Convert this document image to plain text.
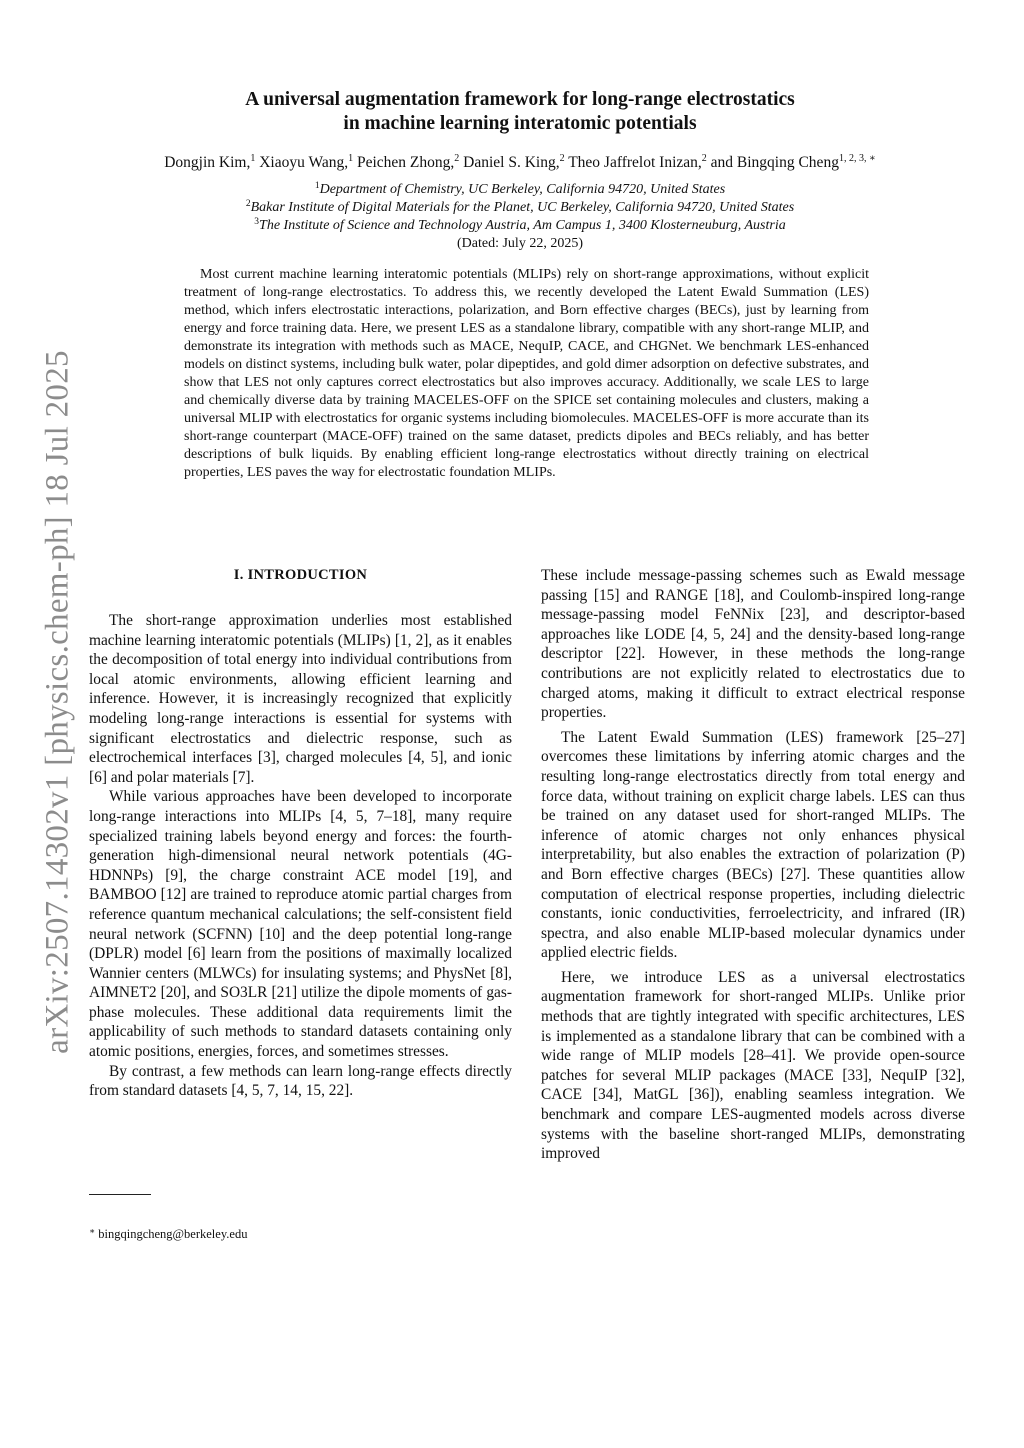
arXiv:2507.14302v1 [physics.chem-ph] 18 Jul 2025
A universal augmentation framework for long-range electrostatics
in machine learning interatomic potentials
Dongjin Kim,$^1$ Xiaoyu Wang,$^1$ Peichen Zhong,$^2$ Daniel S. King,$^2$ Theo Jaffrelot Inizan,$^2$ and Bingqing Cheng$^{1, 2, 3, ∗}$
$^1$Department of Chemistry, UC Berkeley, California 94720, United States
$^2$Bakar Institute of Digital Materials for the Planet, UC Berkeley, California 94720, United States
$^3$The Institute of Science and Technology Austria, Am Campus 1, 3400 Klosterneuburg, Austria
(Dated: July 22, 2025)

Most current machine learning interatomic potentials (MLIPs) rely on short-range approximations, without explicit treatment of long-range electrostatics. To address this, we recently developed the Latent Ewald Summation (LES) method, which infers electrostatic interactions, polarization, and Born effective charges (BECs), just by learning from energy and force training data. Here, we present LES as a standalone library, compatible with any short-range MLIP, and demonstrate its integration with methods such as MACE, NequIP, CACE, and CHGNet. We benchmark LES-enhanced models on distinct systems, including bulk water, polar dipeptides, and gold dimer adsorption on defective substrates, and show that LES not only captures correct electrostatics but also improves accuracy. Additionally, we scale LES to large and chemically diverse data by training MACELES-OFF on the SPICE set containing molecules and clusters, making a universal MLIP with electrostatics for organic systems including biomolecules. MACELES-OFF is more accurate than its short-range counterpart (MACE-OFF) trained on the same dataset, predicts dipoles and BECs reliably, and has better descriptions of bulk liquids. By enabling efficient long-range electrostatics without directly training on electrical properties, LES paves the way for electrostatic foundation MLIPs.

I. INTRODUCTION

The short-range approximation underlies most established machine learning interatomic potentials (MLIPs) [1, 2], as it enables the decomposition of total energy into individual contributions from local atomic environments, allowing efficient learning and inference. However, it is increasingly recognized that explicitly modeling long-range interactions is essential for systems with significant electrostatics and dielectric response, such as electrochemical interfaces [3], charged molecules [4, 5], and ionic [6] and polar materials [7].

While various approaches have been developed to incorporate long-range interactions into MLIPs [4, 5, 7–18], many require specialized training labels beyond energy and forces: the fourth-generation high-dimensional neural network potentials (4G-HDNNPs) [9], the charge constraint ACE model [19], and BAMBOO [12] are trained to reproduce atomic partial charges from reference quantum mechanical calculations; the self-consistent field neural network (SCFNN) [10] and the deep potential long-range (DPLR) model [6] learn from the positions of maximally localized Wannier centers (MLWCs) for insulating systems; and PhysNet [8], AIMNET2 [20], and SO3LR [21] utilize the dipole moments of gas-phase molecules. These additional data requirements limit the applicability of such methods to standard datasets containing only atomic positions, energies, forces, and sometimes stresses.

By contrast, a few methods can learn long-range effects directly from standard datasets [4, 5, 7, 14, 15, 22].

These include message-passing schemes such as Ewald message passing [15] and RANGE [18], and Coulomb-inspired long-range message-passing model FeNNix [23], and descriptor-based approaches like LODE [4, 5, 24] and the density-based long-range descriptor [22]. However, in these methods the long-range contributions are not explicitly related to electrostatics due to charged atoms, making it difficult to extract electrical response properties.

The Latent Ewald Summation (LES) framework [25–27] overcomes these limitations by inferring atomic charges and the resulting long-range electrostatics directly from total energy and force data, without training on explicit charge labels. LES can thus be trained on any dataset used for short-ranged MLIPs. The inference of atomic charges not only enhances physical interpretability, but also enables the extraction of polarization (P) and Born effective charges (BECs) [27]. These quantities allow computation of electrical response properties, including dielectric constants, ionic conductivities, ferroelectricity, and infrared (IR) spectra, and also enable MLIP-based molecular dynamics under applied electric fields.

Here, we introduce LES as a universal electrostatics augmentation framework for short-ranged MLIPs. Unlike prior methods that are tightly integrated with specific architectures, LES is implemented as a standalone library that can be combined with a wide range of MLIP models [28–41]. We provide open-source patches for several MLIP packages (MACE [33], NequIP [32], CACE [34], MatGL [36]), enabling seamless integration. We benchmark and compare LES-augmented models across diverse systems with the baseline short-ranged MLIPs, demonstrating improved

∗ bingqingcheng@berkeley.edu
